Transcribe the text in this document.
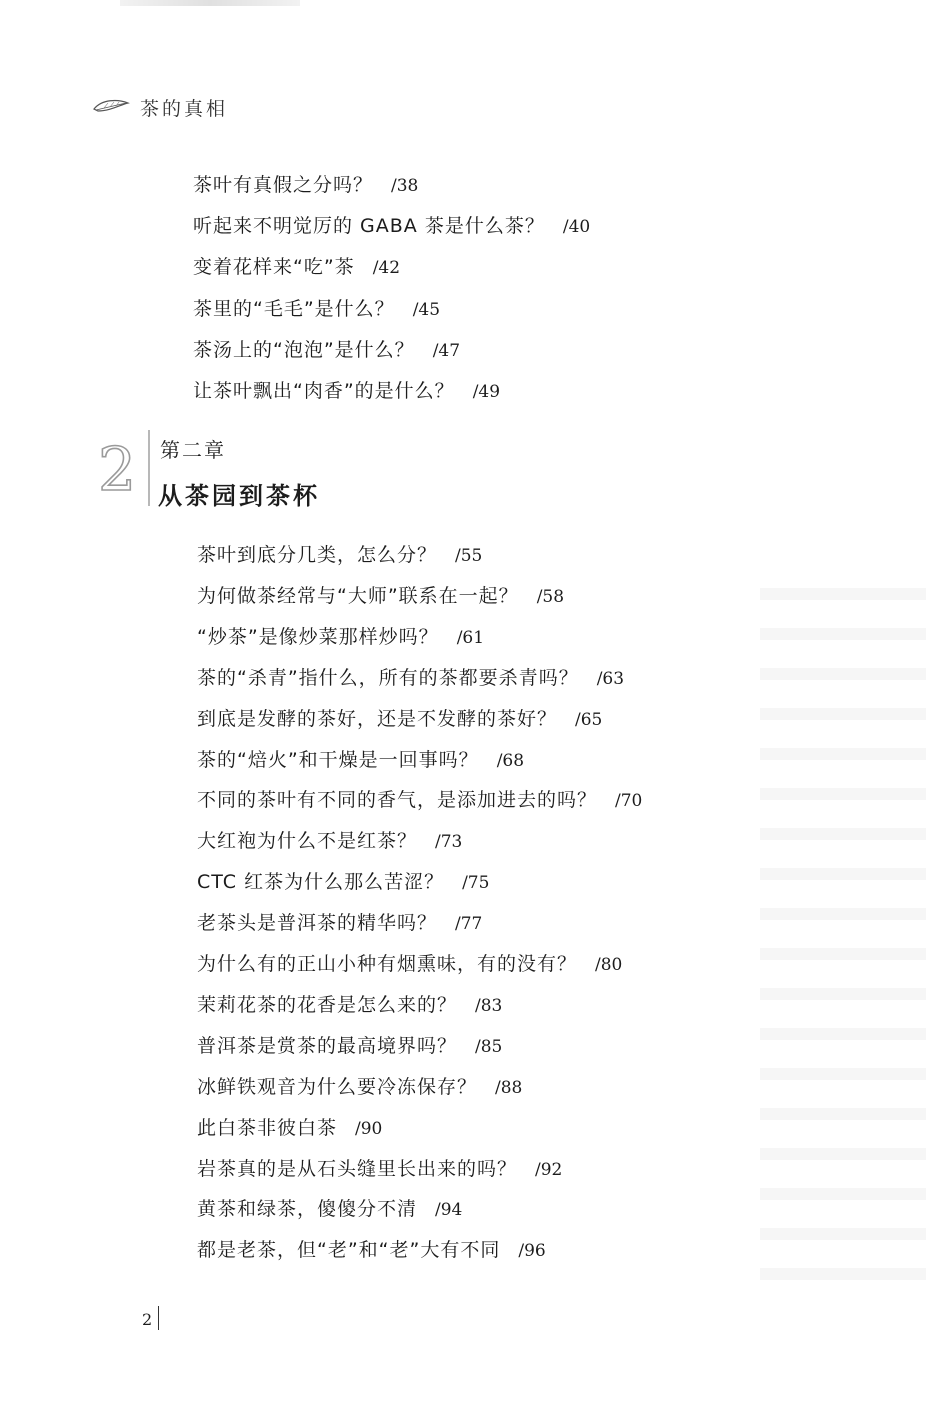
茶的真相
茶叶有真假之分吗？ /38
听起来不明觉厉的 GABA 茶是什么茶？ /40
变着花样来“吃”茶 /42
茶里的“毛毛”是什么？ /45
茶汤上的“泡泡”是什么？ /47
让茶叶飘出“肉香”的是什么？ /49
2 第二章
从茶园到茶杯
茶叶到底分几类，怎么分？ /55
为何做茶经常与“大师”联系在一起？ /58
“炒茶”是像炒菜那样炒吗？ /61
茶的“杀青”指什么，所有的茶都要杀青吗？ /63
到底是发酵的茶好，还是不发酵的茶好？ /65
茶的“焙火”和干燥是一回事吗？ /68
不同的茶叶有不同的香气，是添加进去的吗？ /70
大红袍为什么不是红茶？ /73
CTC 红茶为什么那么苦涩？ /75
老茶头是普洱茶的精华吗？ /77
为什么有的正山小种有烟熏味，有的没有？ /80
茉莉花茶的花香是怎么来的？ /83
普洱茶是赏茶的最高境界吗？ /85
冰鲜铁观音为什么要冷冻保存？ /88
此白茶非彼白茶 /90
岩茶真的是从石头缝里长出来的吗？ /92
黄茶和绿茶，傻傻分不清 /94
都是老茶，但“老”和“老”大有不同 /96
2
